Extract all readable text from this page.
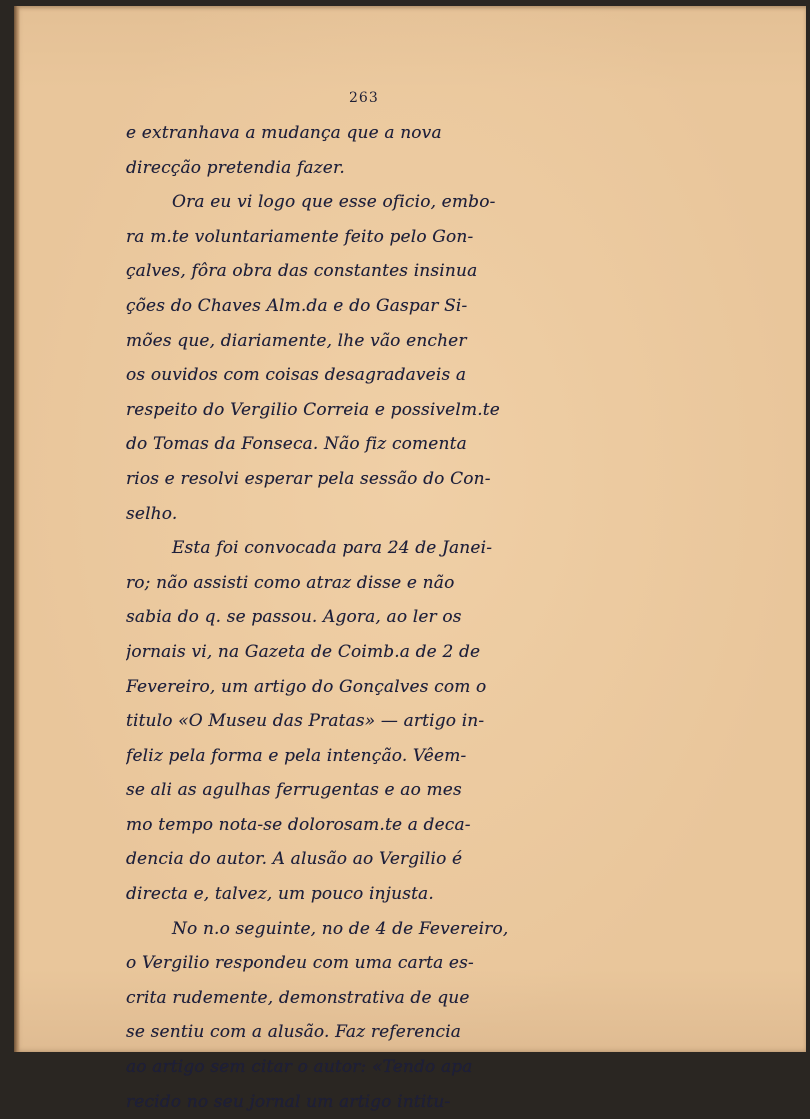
263
e extranhava a mudança que a nova
direcção pretendia fazer.
Ora eu vi logo que esse oficio, embo-
ra m.te voluntariamente feito pelo Gon-
çalves, fôra obra das constantes insinua
ções do Chaves Alm.da e do Gaspar Si-
mões que, diariamente, lhe vão encher
os ouvidos com coisas desagradaveis a
respeito do Vergilio Correia e possivelm.te
do Tomas da Fonseca. Não fiz comenta
rios e resolvi esperar pela sessão do Con-
selho.
Esta foi convocada para 24 de Janei-
ro; não assisti como atraz disse e não
sabia do q. se passou. Agora, ao ler os
jornais vi, na Gazeta de Coimb.a de 2 de
Fevereiro, um artigo do Gonçalves com o
titulo «O Museu das Pratas» — artigo in-
feliz pela forma e pela intenção. Vêem-
se ali as agulhas ferrugentas e ao mes
mo tempo nota-se dolorosam.te a deca-
dencia do autor. A alusão ao Vergilio é
directa e, talvez, um pouco injusta.
No n.o seguinte, no de 4 de Fevereiro,
o Vergilio respondeu com uma carta es-
crita rudemente, demonstrativa de que
se sentiu com a alusão. Faz referencia
ao artigo sem citar o autor: «Tendo apa
recido no seu jornal um artigo intitu-
